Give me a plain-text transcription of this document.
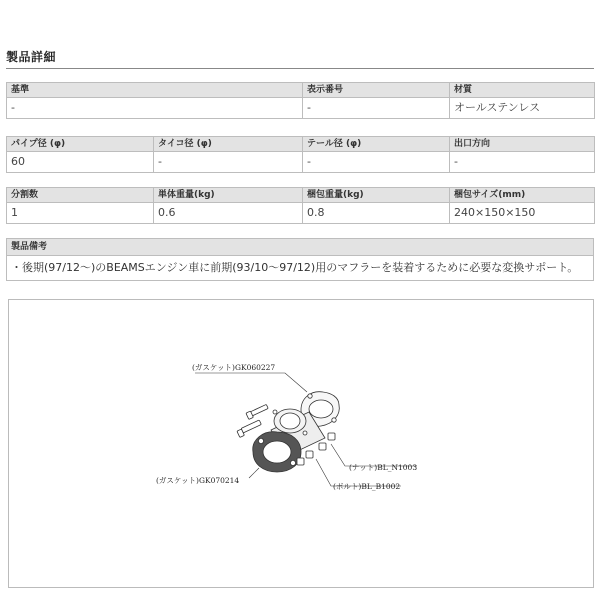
製品詳細
基準	表示番号	材質
-	-	オールステンレス
パイプ径 (φ)	タイコ径 (φ)	テール径 (φ)	出口方向
60	-	-	-
分割数	単体重量(kg)	梱包重量(kg)	梱包サイズ(mm)
1	0.6	0.8	240×150×150
製品備考
・後期(97/12〜)のBEAMSエンジン車に前期(93/10〜97/12)用のマフラーを装着するために必要な変換サポート。
(ガスケット)GK060227
(ガスケット)GK070214
(ナット)BL_N1003
(ボルト)BL_B1002
